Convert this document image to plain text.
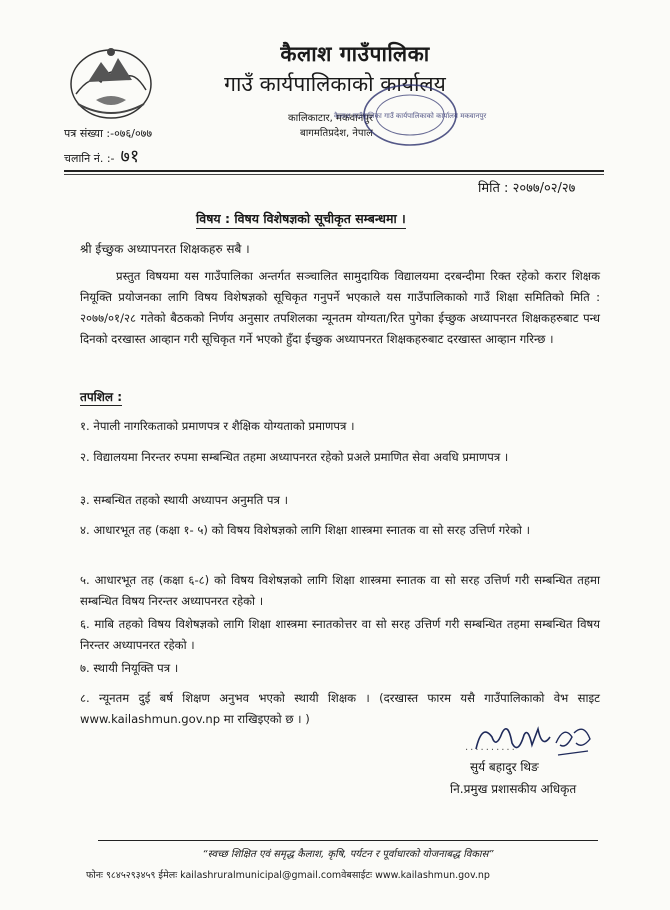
कैलाश गाउँपालिका
गाउँ कार्यपालिकाको कार्यालय
कालिकाटार, मकवानपुर
बागमतिप्रदेश, नेपाल
कैलाश गाउँपालिका गाउँ कार्यपालिकाको कार्यालय मकवानपुर
पत्र संख्या :-०७६/०७७
चलानि नं. :- ७१
मिति : २०७७/०२/२७
विषय : विषय विशेषज्ञको सूचीकृत सम्बन्धमा ।
श्री ईच्छुक अध्यापनरत शिक्षकहरु सबै ।
प्रस्तुत विषयमा यस गाउँपालिका अन्तर्गत सञ्चालित सामुदायिक विद्यालयमा दरबन्दीमा रिक्त रहेको करार शिक्षक नियूक्ति प्रयोजनका लागि विषय विशेषज्ञको सूचिकृत गनुपर्ने भएकाले यस गाउँपालिकाको गाउँ शिक्षा समितिको मिति : २०७७/०१/२८ गतेको बैठकको निर्णय अनुसार तपशिलका न्यूनतम योग्यता/रित पुगेका ईच्छुक अध्यापनरत शिक्षकहरुबाट पन्ध दिनको दरखास्त आव्हान गरी सूचिकृत गर्ने भएको हुँदा ईच्छुक अध्यापनरत शिक्षकहरुबाट दरखास्त आव्हान गरिन्छ ।
तपशिल :
१. नेपाली नागरिकताको प्रमाणपत्र र शैक्षिक योग्यताको प्रमाणपत्र ।
२. विद्यालयमा निरन्तर रुपमा सम्बन्धित तहमा अध्यापनरत रहेको प्रअले प्रमाणित सेवा अवधि प्रमाणपत्र ।
३. सम्बन्धित तहको स्थायी अध्यापन अनुमति पत्र ।
४. आधारभूत तह (कक्षा १- ५) को विषय विशेषज्ञको लागि शिक्षा शास्त्रमा स्नातक वा सो सरह उत्तिर्ण गरेको ।
५. आधारभूत तह (कक्षा ६-८) को विषय विशेषज्ञको लागि शिक्षा शास्त्रमा स्नातक वा सो सरह उत्तिर्ण गरी सम्बन्धित तहमा सम्बन्धित विषय निरन्तर अध्यापनरत रहेको ।
६. माबि तहको विषय विशेषज्ञको लागि शिक्षा शास्त्रमा स्नातकोत्तर वा सो सरह उत्तिर्ण गरी सम्बन्धित तहमा सम्बन्धित विषय निरन्तर अध्यापनरत रहेको ।
७. स्थायी नियूक्ति पत्र ।
८. न्यूनतम दुई बर्ष शिक्षण अनुभव भएको स्थायी शिक्षक । (दरखास्त फारम यसै गाउँपालिकाको वेभ साइट www.kailashmun.gov.np मा राखिइएको छ । )
..........
सुर्य बहादुर थिङ
नि.प्रमुख प्रशासकीय अधिकृत
“स्वच्छ शिक्षित एवं समृद्ध कैलाश, कृषि, पर्यटन र पूर्वाधारको योजनाबद्ध विकास”
फोनः ९८४५२९३४५९ ईमेलः kailashruralmunicipal@gmail.comवेबसाईटः www.kailashmun.gov.np
